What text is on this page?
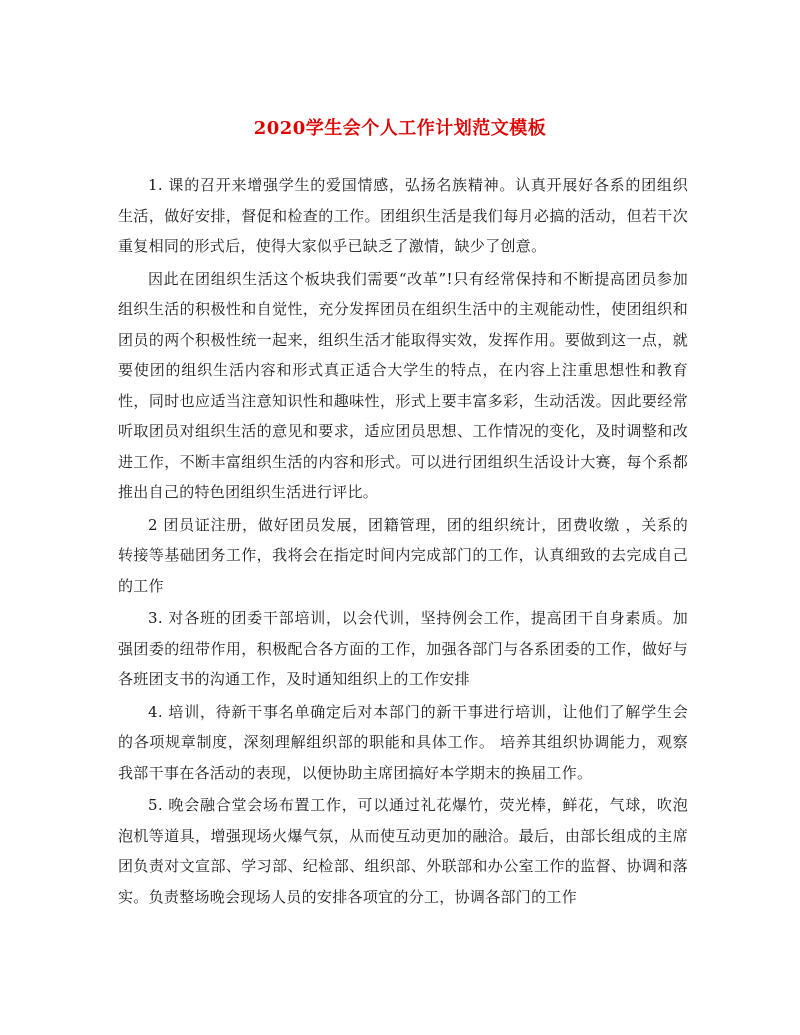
2020学生会个人工作计划范文模板

1. 课的召开来增强学生的爱国情感，弘扬名族精神。认真开展好各系的团组织生活，做好安排，督促和检查的工作。团组织生活是我们每月必搞的活动，但若干次重复相同的形式后，使得大家似乎已缺乏了激情，缺少了创意。

因此在团组织生活这个板块我们需要“改革”!只有经常保持和不断提高团员参加组织生活的积极性和自觉性，充分发挥团员在组织生活中的主观能动性，使团组织和团员的两个积极性统一起来，组织生活才能取得实效，发挥作用。要做到这一点，就要使团的组织生活内容和形式真正适合大学生的特点，在内容上注重思想性和教育性，同时也应适当注意知识性和趣味性，形式上要丰富多彩，生动活泼。因此要经常听取团员对组织生活的意见和要求，适应团员思想、工作情况的变化，及时调整和改进工作，不断丰富组织生活的内容和形式。可以进行团组织生活设计大赛，每个系都推出自己的特色团组织生活进行评比。

2 团员证注册，做好团员发展，团籍管理，团的组织统计，团费收缴 ，关系的转接等基础团务工作，我将会在指定时间内完成部门的工作，认真细致的去完成自己的工作

3. 对各班的团委干部培训，以会代训，坚持例会工作，提高团干自身素质。加强团委的纽带作用，积极配合各方面的工作，加强各部门与各系团委的工作，做好与各班团支书的沟通工作，及时通知组织上的工作安排

4. 培训，待新干事名单确定后对本部门的新干事进行培训，让他们了解学生会的各项规章制度，深刻理解组织部的职能和具体工作。 培养其组织协调能力，观察我部干事在各活动的表现，以便协助主席团搞好本学期末的换届工作。

5. 晚会融合堂会场布置工作，可以通过礼花爆竹，荧光棒，鲜花，气球，吹泡泡机等道具，增强现场火爆气氛，从而使互动更加的融洽。最后，由部长组成的主席团负责对文宣部、学习部、纪检部、组织部、外联部和办公室工作的监督、协调和落实。负责整场晚会现场人员的安排各项宜的分工，协调各部门的工作
